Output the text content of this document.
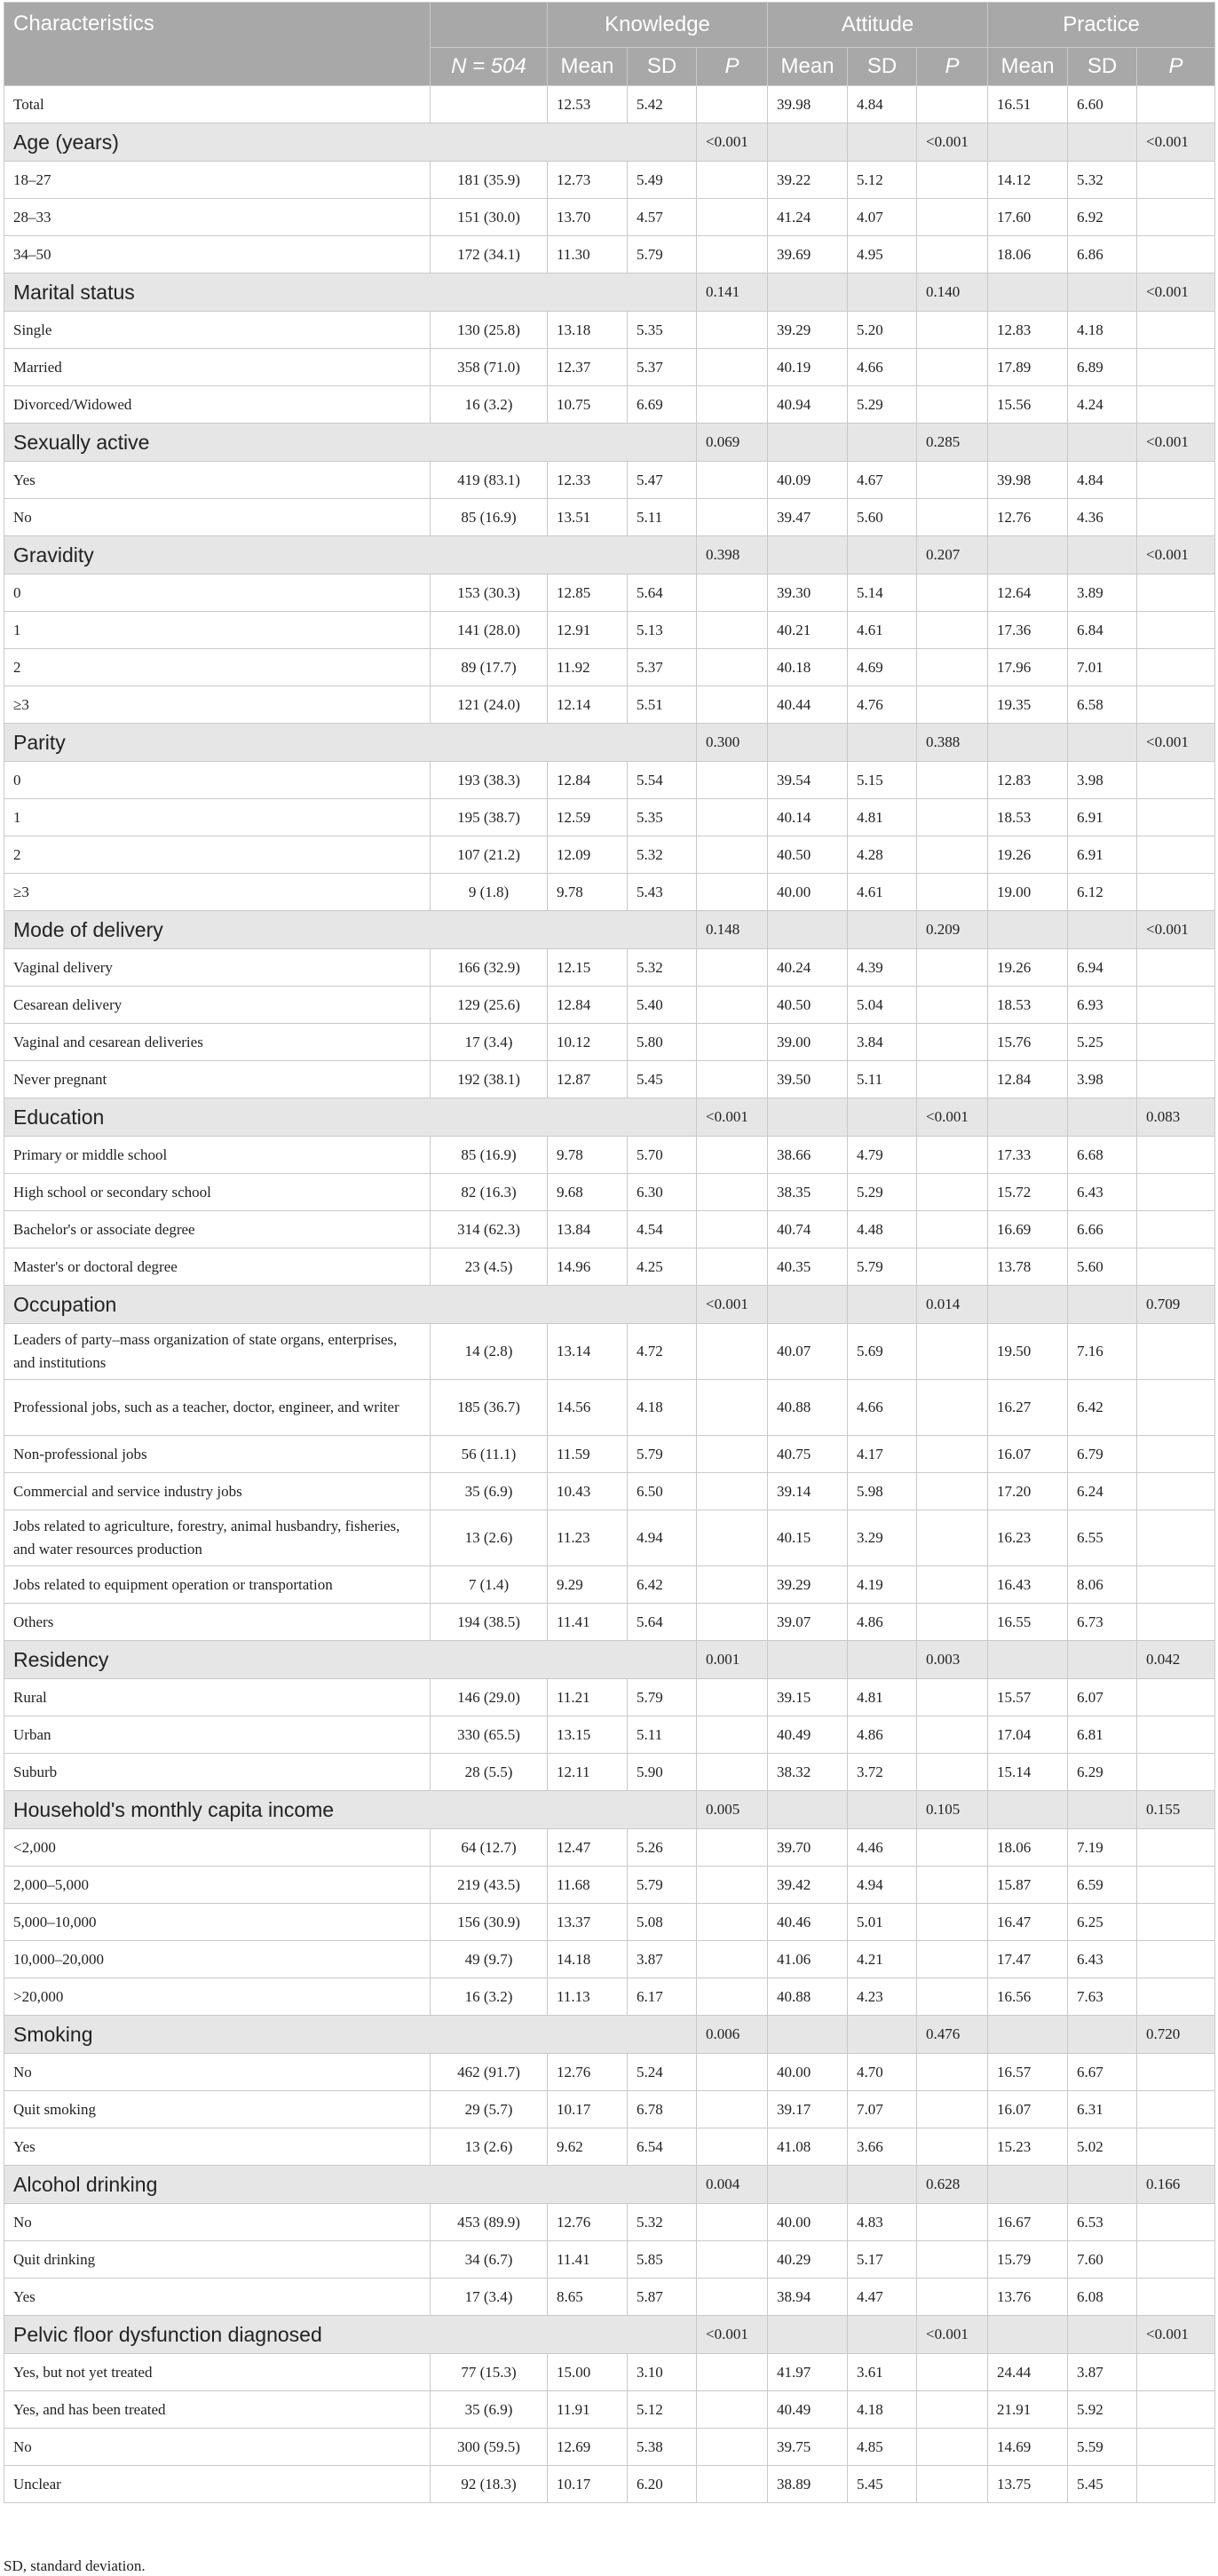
Characteristics		Knowledge			Attitude			Practice		
	N = 504	Mean	SD	P	Mean	SD	P	Mean	SD	P
Total		12.53	5.42		39.98	4.84		16.51	6.60	
Age (years)				<0.001			<0.001			<0.001
18–27	181 (35.9)	12.73	5.49		39.22	5.12		14.12	5.32	
28–33	151 (30.0)	13.70	4.57		41.24	4.07		17.60	6.92	
34–50	172 (34.1)	11.30	5.79		39.69	4.95		18.06	6.86	
Marital status				0.141			0.140			<0.001
Single	130 (25.8)	13.18	5.35		39.29	5.20		12.83	4.18	
Married	358 (71.0)	12.37	5.37		40.19	4.66		17.89	6.89	
Divorced/Widowed	16 (3.2)	10.75	6.69		40.94	5.29		15.56	4.24	
Sexually active				0.069			0.285			<0.001
Yes	419 (83.1)	12.33	5.47		40.09	4.67		39.98	4.84	
No	85 (16.9)	13.51	5.11		39.47	5.60		12.76	4.36	
Gravidity				0.398			0.207			<0.001
0	153 (30.3)	12.85	5.64		39.30	5.14		12.64	3.89	
1	141 (28.0)	12.91	5.13		40.21	4.61		17.36	6.84	
2	89 (17.7)	11.92	5.37		40.18	4.69		17.96	7.01	
≥3	121 (24.0)	12.14	5.51		40.44	4.76		19.35	6.58	
Parity				0.300			0.388			<0.001
0	193 (38.3)	12.84	5.54		39.54	5.15		12.83	3.98	
1	195 (38.7)	12.59	5.35		40.14	4.81		18.53	6.91	
2	107 (21.2)	12.09	5.32		40.50	4.28		19.26	6.91	
≥3	9 (1.8)	9.78	5.43		40.00	4.61		19.00	6.12	
Mode of delivery				0.148			0.209			<0.001
Vaginal delivery	166 (32.9)	12.15	5.32		40.24	4.39		19.26	6.94	
Cesarean delivery	129 (25.6)	12.84	5.40		40.50	5.04		18.53	6.93	
Vaginal and cesarean deliveries	17 (3.4)	10.12	5.80		39.00	3.84		15.76	5.25	
Never pregnant	192 (38.1)	12.87	5.45		39.50	5.11		12.84	3.98	
Education				<0.001			<0.001			0.083
Primary or middle school	85 (16.9)	9.78	5.70		38.66	4.79		17.33	6.68	
High school or secondary school	82 (16.3)	9.68	6.30		38.35	5.29		15.72	6.43	
Bachelor's or associate degree	314 (62.3)	13.84	4.54		40.74	4.48		16.69	6.66	
Master's or doctoral degree	23 (4.5)	14.96	4.25		40.35	5.79		13.78	5.60	
Occupation				<0.001			0.014			0.709
Leaders of party–mass organization of state organs, enterprises, and institutions	14 (2.8)	13.14	4.72		40.07	5.69		19.50	7.16	
Professional jobs, such as a teacher, doctor, engineer, and writer	185 (36.7)	14.56	4.18		40.88	4.66		16.27	6.42	
Non-professional jobs	56 (11.1)	11.59	5.79		40.75	4.17		16.07	6.79	
Commercial and service industry jobs	35 (6.9)	10.43	6.50		39.14	5.98		17.20	6.24	
Jobs related to agriculture, forestry, animal husbandry, fisheries, and water resources production	13 (2.6)	11.23	4.94		40.15	3.29		16.23	6.55	
Jobs related to equipment operation or transportation	7 (1.4)	9.29	6.42		39.29	4.19		16.43	8.06	
Others	194 (38.5)	11.41	5.64		39.07	4.86		16.55	6.73	
Residency				0.001			0.003			0.042
Rural	146 (29.0)	11.21	5.79		39.15	4.81		15.57	6.07	
Urban	330 (65.5)	13.15	5.11		40.49	4.86		17.04	6.81	
Suburb	28 (5.5)	12.11	5.90		38.32	3.72		15.14	6.29	
Household's monthly capita income				0.005			0.105			0.155
<2,000	64 (12.7)	12.47	5.26		39.70	4.46		18.06	7.19	
2,000–5,000	219 (43.5)	11.68	5.79		39.42	4.94		15.87	6.59	
5,000–10,000	156 (30.9)	13.37	5.08		40.46	5.01		16.47	6.25	
10,000–20,000	49 (9.7)	14.18	3.87		41.06	4.21		17.47	6.43	
>20,000	16 (3.2)	11.13	6.17		40.88	4.23		16.56	7.63	
Smoking				0.006			0.476			0.720
No	462 (91.7)	12.76	5.24		40.00	4.70		16.57	6.67	
Quit smoking	29 (5.7)	10.17	6.78		39.17	7.07		16.07	6.31	
Yes	13 (2.6)	9.62	6.54		41.08	3.66		15.23	5.02	
Alcohol drinking				0.004			0.628			0.166
No	453 (89.9)	12.76	5.32		40.00	4.83		16.67	6.53	
Quit drinking	34 (6.7)	11.41	5.85		40.29	5.17		15.79	7.60	
Yes	17 (3.4)	8.65	5.87		38.94	4.47		13.76	6.08	
Pelvic floor dysfunction diagnosed				<0.001			<0.001			<0.001
Yes, but not yet treated	77 (15.3)	15.00	3.10		41.97	3.61		24.44	3.87	
Yes, and has been treated	35 (6.9)	11.91	5.12		40.49	4.18		21.91	5.92	
No	300 (59.5)	12.69	5.38		39.75	4.85		14.69	5.59	
Unclear	92 (18.3)	10.17	6.20		38.89	5.45		13.75	5.45	
SD, standard deviation.
